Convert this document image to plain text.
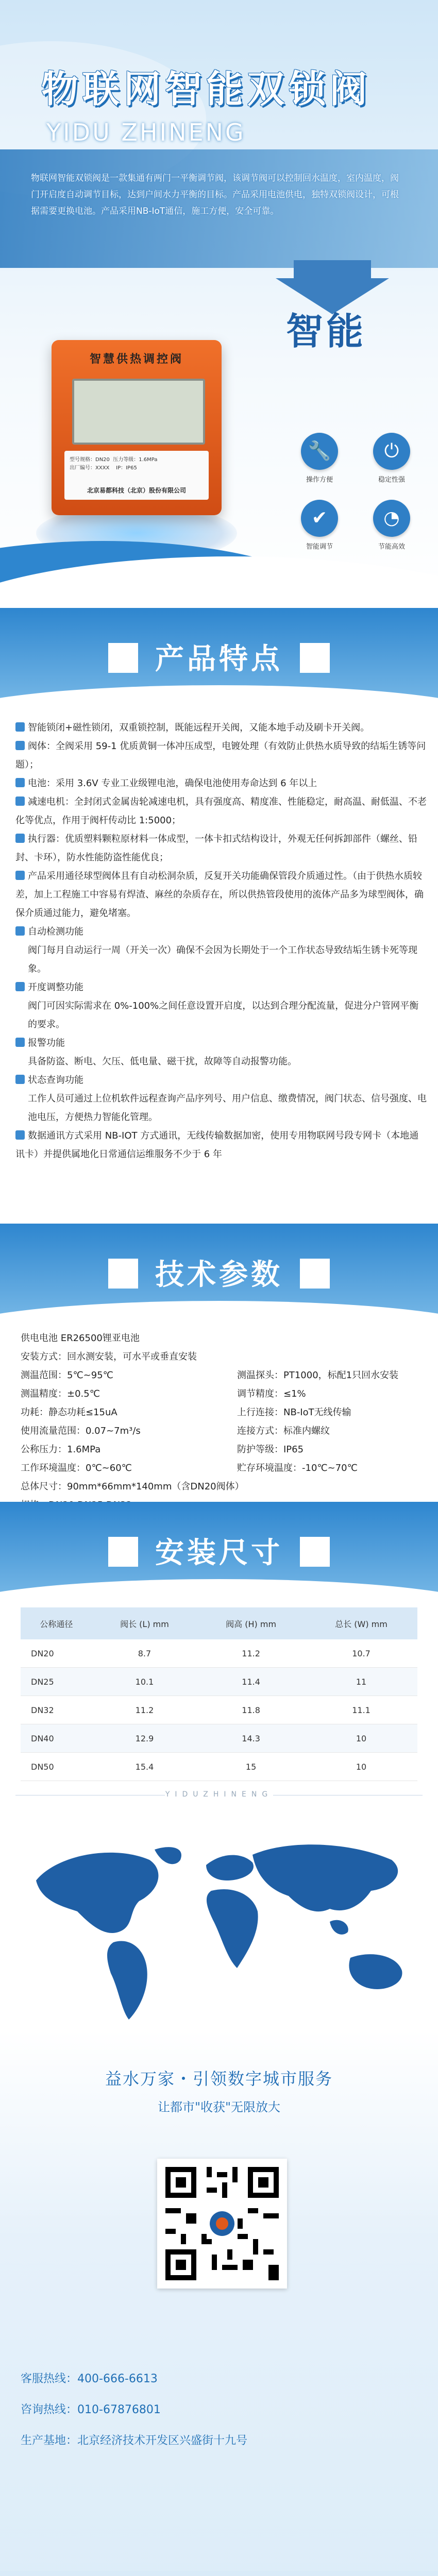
物联网智能双锁阀
YIDU ZHINENG
物联网智能双锁阀是一款集通有两门一平衡调节阀，该调节阀可以控制回水温度，室内温度，阀门开启度自动调节目标，达到户间水力平衡的目标。产品采用电池供电，独特双锁阀设计，可根据需要更换电池。产品采用NB-IoT通信，施工方便，安全可靠。
智能
智慧供热调控阀
型号规格：DN20  压力等级：1.6MPa
出厂编号：XXXX    IP：IP65
北京易都科技（北京）股份有限公司
🔧
操作方便
⏻
稳定性强
✔
智能调节
◔
节能高效
产品特点
智能锁闭+磁性锁闭，双重锁控制，既能远程开关阀，又能本地手动及刷卡开关阀。
阀体：全阀采用 59-1 优质黄铜一体冲压成型，电镀处理（有效防止供热水质导致的结垢生锈等问题）；
电池：采用 3.6V 专业工业级锂电池，确保电池使用寿命达到 6 年以上
减速电机：全封闭式金属齿轮减速电机，具有强度高、精度准、性能稳定，耐高温、耐低温、不老化等优点，作用于阀杆传动比 1:5000；
执行器：优质塑料颗粒原材料一体成型，一体卡扣式结构设计，外观无任何拆卸部件（螺丝、铅封、卡环），防水性能防盗性能优良；
产品采用通径球型阀体且有自动松洞杂质，反复开关功能确保管段介质通过性。（由于供热水质较差，加上工程施工中容易有焊渣、麻丝的杂质存在，所以供热管段使用的流体产品多为球型阀体，确保介质通过能力，避免堵塞。
自动检测功能
阀门每月自动运行一周（开关一次）确保不会因为长期处于一个工作状态导致结垢生锈卡死等现象。
开度调整功能
阀门可因实际需求在 0%-100%之间任意设置开启度，以达到合理分配流量，促进分户管网平衡的要求。
报警功能
具备防盗、断电、欠压、低电量、磁干扰，故障等自动报警功能。
状态查询功能
工作人员可通过上位机软件远程查询产品序列号、用户信息、缴费情况，阀门状态、信号强度、电池电压，方便热力智能化管理。
数据通讯方式采用 NB-IOT 方式通讯，无线传输数据加密，使用专用物联网号段专网卡（本地通讯卡）并提供属地化日常通信运维服务不少于 6 年
技术参数
供电电池 ER26500锂亚电池
安装方式：回水测安装，可水平或垂直安装
测温范围：5℃~95℃	测温探头：PT1000，标配1只回水安装
测温精度：±0.5℃	调节精度：≤1%
功耗：静态功耗≤15uA	上行连接：NB-IoT无线传输
使用流量范围：0.07~7m³/s	连接方式：标准内螺纹
公称压力：1.6MPa	防护等级：IP65
工作环境温度：0℃~60℃	贮存环境温度：-10℃~70℃
总体尺寸：90mm*66mm*140mm（含DN20阀体）
安装尺寸
公称通径	阀长 (L) mm	阀高 (H) mm	总长 (W) mm
DN20	8.7	11.2	10.7
DN25	10.1	11.4	11
DN32	11.2	11.8	11.1
DN40	12.9	14.3	10
DN50	15.4	15	10
YIDUZHINENG
益水万家・引领数字城市服务
让都市"收获"无限放大
客服热线：400-666-6613
咨询热线：010-67876801
生产基地：北京经济技术开发区兴盛街十九号
